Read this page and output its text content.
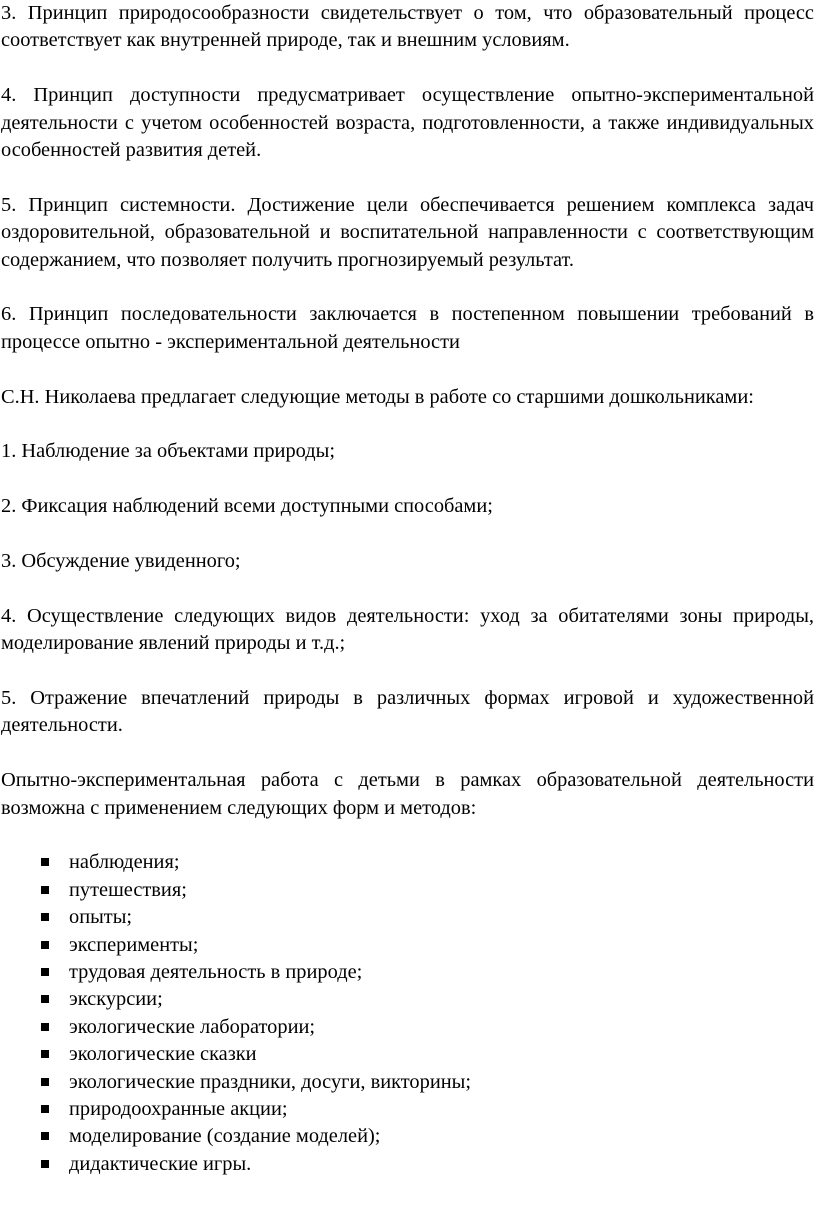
3. Принцип природосообразности свидетельствует о том, что образовательный процесс соответствует как внутренней природе, так и внешним условиям.

4. Принцип доступности предусматривает осуществление опытно-экспериментальной деятельности с учетом особенностей возраста, подготовленности, а также индивидуальных особенностей развития детей.

5. Принцип системности. Достижение цели обеспечивается решением комплекса задач оздоровительной, образовательной и воспитательной направленности с соответствующим содержанием, что позволяет получить прогнозируемый результат.

6. Принцип последовательности заключается в постепенном повышении требований в процессе опытно - экспериментальной деятельности

С.Н. Николаева предлагает следующие методы в работе со старшими дошкольниками:

1. Наблюдение за объектами природы;

2. Фиксация наблюдений всеми доступными способами;

3. Обсуждение увиденного;

4. Осуществление следующих видов деятельности: уход за обитателями зоны природы, моделирование явлений природы и т.д.;

5. Отражение впечатлений природы в различных формах игровой и художественной деятельности.

Опытно-экспериментальная работа с детьми в рамках образовательной деятельности возможна с применением следующих форм и методов:

наблюдения;
путешествия;
опыты;
эксперименты;
трудовая деятельность в природе;
экскурсии;
экологические лаборатории;
экологические сказки
экологические праздники, досуги, викторины;
природоохранные акции;
моделирование (создание моделей);
дидактические игры.
